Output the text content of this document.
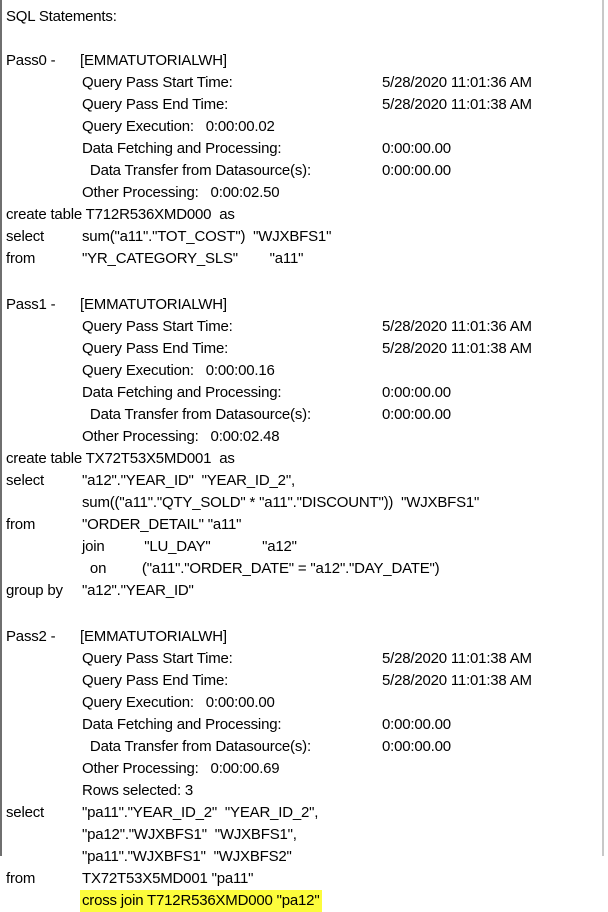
SQL Statements:
Pass0 - [EMMATUTORIALWH]
Query Pass Start Time:	5/28/2020 11:01:36 AM
Query Pass End Time:	5/28/2020 11:01:38 AM
Query Execution:   0:00:00.02
Data Fetching and Processing:	0:00:00.00
Data Transfer from Datasource(s):	0:00:00.00
Other Processing:   0:00:02.50
create table T712R536XMD000  as
select	sum("a11"."TOT_COST")  "WJXBFS1"
from	"YR_CATEGORY_SLS"        "a11"
Pass1 - [EMMATUTORIALWH]
Query Pass Start Time:	5/28/2020 11:01:36 AM
Query Pass End Time:	5/28/2020 11:01:38 AM
Query Execution:   0:00:00.16
Data Fetching and Processing:	0:00:00.00
Data Transfer from Datasource(s):	0:00:00.00
Other Processing:   0:00:02.48
create table TX72T53X5MD001  as
select	"a12"."YEAR_ID"  "YEAR_ID_2",
sum(("a11"."QTY_SOLD" * "a11"."DISCOUNT"))  "WJXBFS1"
from	"ORDER_DETAIL" "a11"
join          "LU_DAY"             "a12"
on         ("a11"."ORDER_DATE" = "a12"."DAY_DATE")
group by "a12"."YEAR_ID"
Pass2 - [EMMATUTORIALWH]
Query Pass Start Time:	5/28/2020 11:01:38 AM
Query Pass End Time:	5/28/2020 11:01:38 AM
Query Execution:   0:00:00.00
Data Fetching and Processing:	0:00:00.00
Data Transfer from Datasource(s):	0:00:00.00
Other Processing:   0:00:00.69
Rows selected: 3
select	"pa11"."YEAR_ID_2"  "YEAR_ID_2",
"pa12"."WJXBFS1"  "WJXBFS1",
"pa11"."WJXBFS1"  "WJXBFS2"
from	TX72T53X5MD001 "pa11"
cross join T712R536XMD000 "pa12"
